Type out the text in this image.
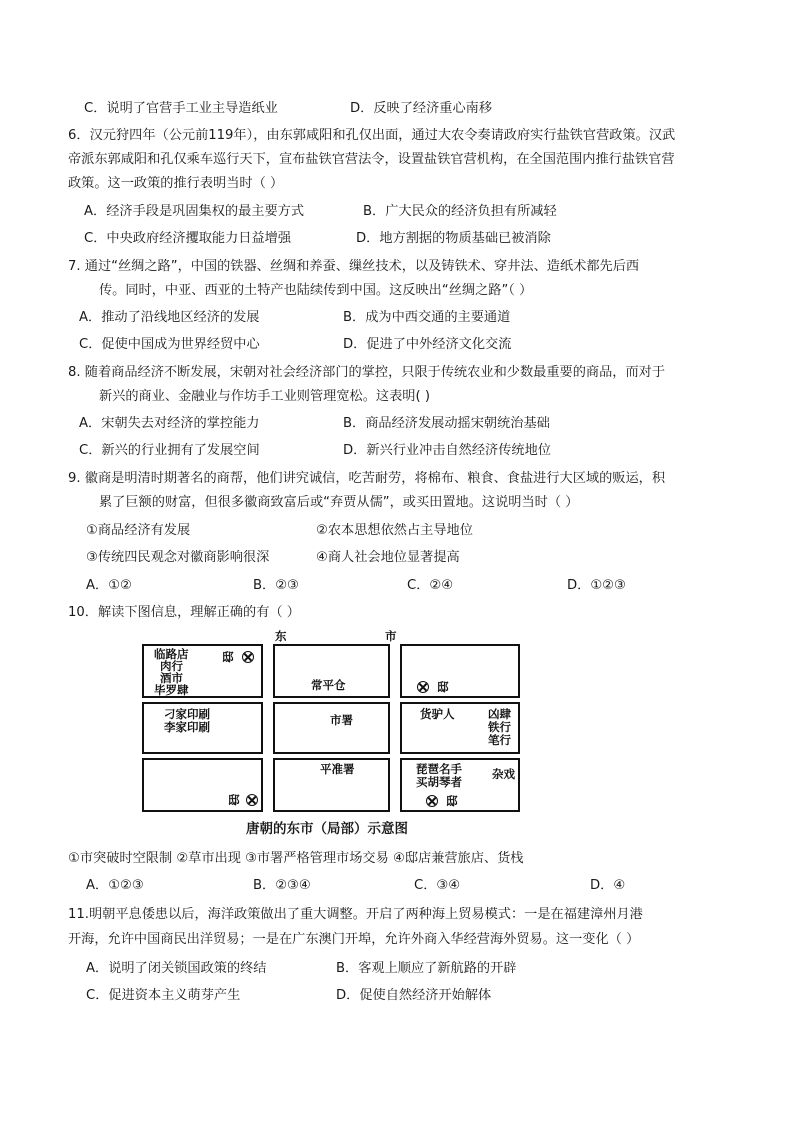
C．说明了官营手工业主导造纸业	D．反映了经济重心南移
6．汉元狩四年（公元前119年），由东郭咸阳和孔仅出面，通过大农令奏请政府实行盐铁官营政策。汉武
帝派东郭咸阳和孔仅乘车巡行天下，宣布盐铁官营法令，设置盐铁官营机构，在全国范围内推行盐铁官营
政策。这一政策的推行表明当时（ ）
A．经济手段是巩固集权的最主要方式	B．广大民众的经济负担有所减轻
C．中央政府经济攫取能力日益增强	D．地方割据的物质基础已被消除
7. 通过“丝绸之路”，中国的铁器、丝绸和养蚕、缫丝技术，以及铸铁术、穿井法、造纸术都先后西
传。同时，中亚、西亚的土特产也陆续传到中国。这反映出“丝绸之路”（ ）
A．推动了沿线地区经济的发展	B．成为中西交通的主要通道
C．促使中国成为世界经贸中心	D．促进了中外经济文化交流
8. 随着商品经济不断发展，宋朝对社会经济部门的掌控，只限于传统农业和少数最重要的商品，而对于
新兴的商业、金融业与作坊手工业则管理宽松。这表明( )
A．宋朝失去对经济的掌控能力	B．商品经济发展动摇宋朝统治基础
C．新兴的行业拥有了发展空间	D．新兴行业冲击自然经济传统地位
9. 徽商是明清时期著名的商帮，他们讲究诚信，吃苦耐劳，将棉布、粮食、食盐进行大区域的贩运，积
累了巨额的财富，但很多徽商致富后或“弃贾从儒”，或买田置地。这说明当时（ ）
①商品经济有发展	②农本思想依然占主导地位
③传统四民观念对徽商影响很深	④商人社会地位显著提高
A．①②	B．②③	C．②④	D．①②③
10．解读下图信息，理解正确的有（ ）
东	市
临路店
肉行
酒市
毕罗肆
邸
常平仓	邸
刁家印刷
李家印刷	市署	货驴人	凶肆
铁行
笔行
邸
平准署	琵琶名手
买胡琴者
杂戏
邸
唐朝的东市（局部）示意图
①市突破时空限制 ②草市出现 ③市署严格管理市场交易 ④邸店兼营旅店、货栈
A．①②③	B．②③④	C．③④	D．④
11.明朝平息倭患以后，海洋政策做出了重大调整。开启了两种海上贸易模式：一是在福建漳州月港
开海，允许中国商民出洋贸易；一是在广东澳门开埠，允许外商入华经营海外贸易。这一变化（ ）
A．说明了闭关锁国政策的终结	B．客观上顺应了新航路的开辟
C．促进资本主义萌芽产生	D．促使自然经济开始解体
